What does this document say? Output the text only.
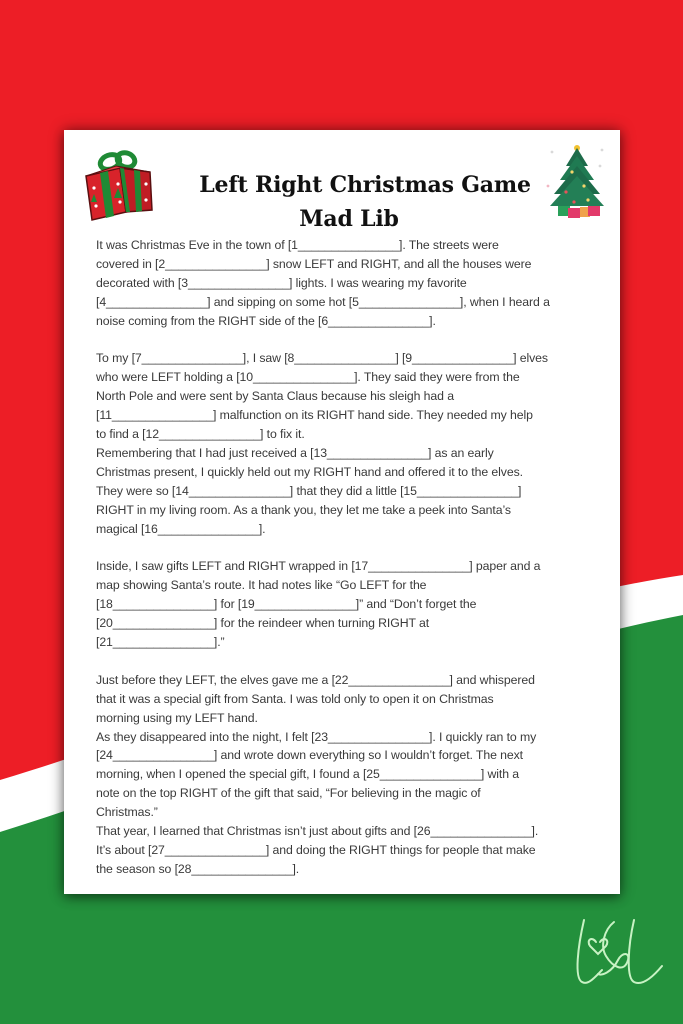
Left Right Christmas Game
Mad Lib
It was Christmas Eve in the town of [1_______________]. The streets were
covered in [2_______________] snow LEFT and RIGHT, and all the houses were
decorated with [3_______________] lights. I was wearing my favorite
[4_______________] and sipping on some hot [5_______________], when I heard a
noise coming from the RIGHT side of the [6_______________].
To my [7_______________], I saw [8_______________] [9_______________] elves
who were LEFT holding a [10_______________]. They said they were from the
North Pole and were sent by Santa Claus because his sleigh had a
[11_______________] malfunction on its RIGHT hand side. They needed my help
to find a [12_______________] to fix it.
Remembering that I had just received a [13_______________] as an early
Christmas present, I quickly held out my RIGHT hand and offered it to the elves.
They were so [14_______________] that they did a little [15_______________]
RIGHT in my living room. As a thank you, they let me take a peek into Santa’s
magical [16_______________].
Inside, I saw gifts LEFT and RIGHT wrapped in [17_______________] paper and a
map showing Santa’s route. It had notes like “Go LEFT for the
[18_______________] for [19_______________]” and “Don’t forget the
[20_______________] for the reindeer when turning RIGHT at
[21_______________].”
Just before they LEFT, the elves gave me a [22_______________] and whispered
that it was a special gift from Santa. I was told only to open it on Christmas
morning using my LEFT hand.
As they disappeared into the night, I felt [23_______________]. I quickly ran to my
[24_______________] and wrote down everything so I wouldn’t forget. The next
morning, when I opened the special gift, I found a [25_______________] with a
note on the top RIGHT of the gift that said, “For believing in the magic of
Christmas.”
That year, I learned that Christmas isn’t just about gifts and [26_______________].
It’s about [27_______________] and doing the RIGHT things for people that make
the season so [28_______________].
